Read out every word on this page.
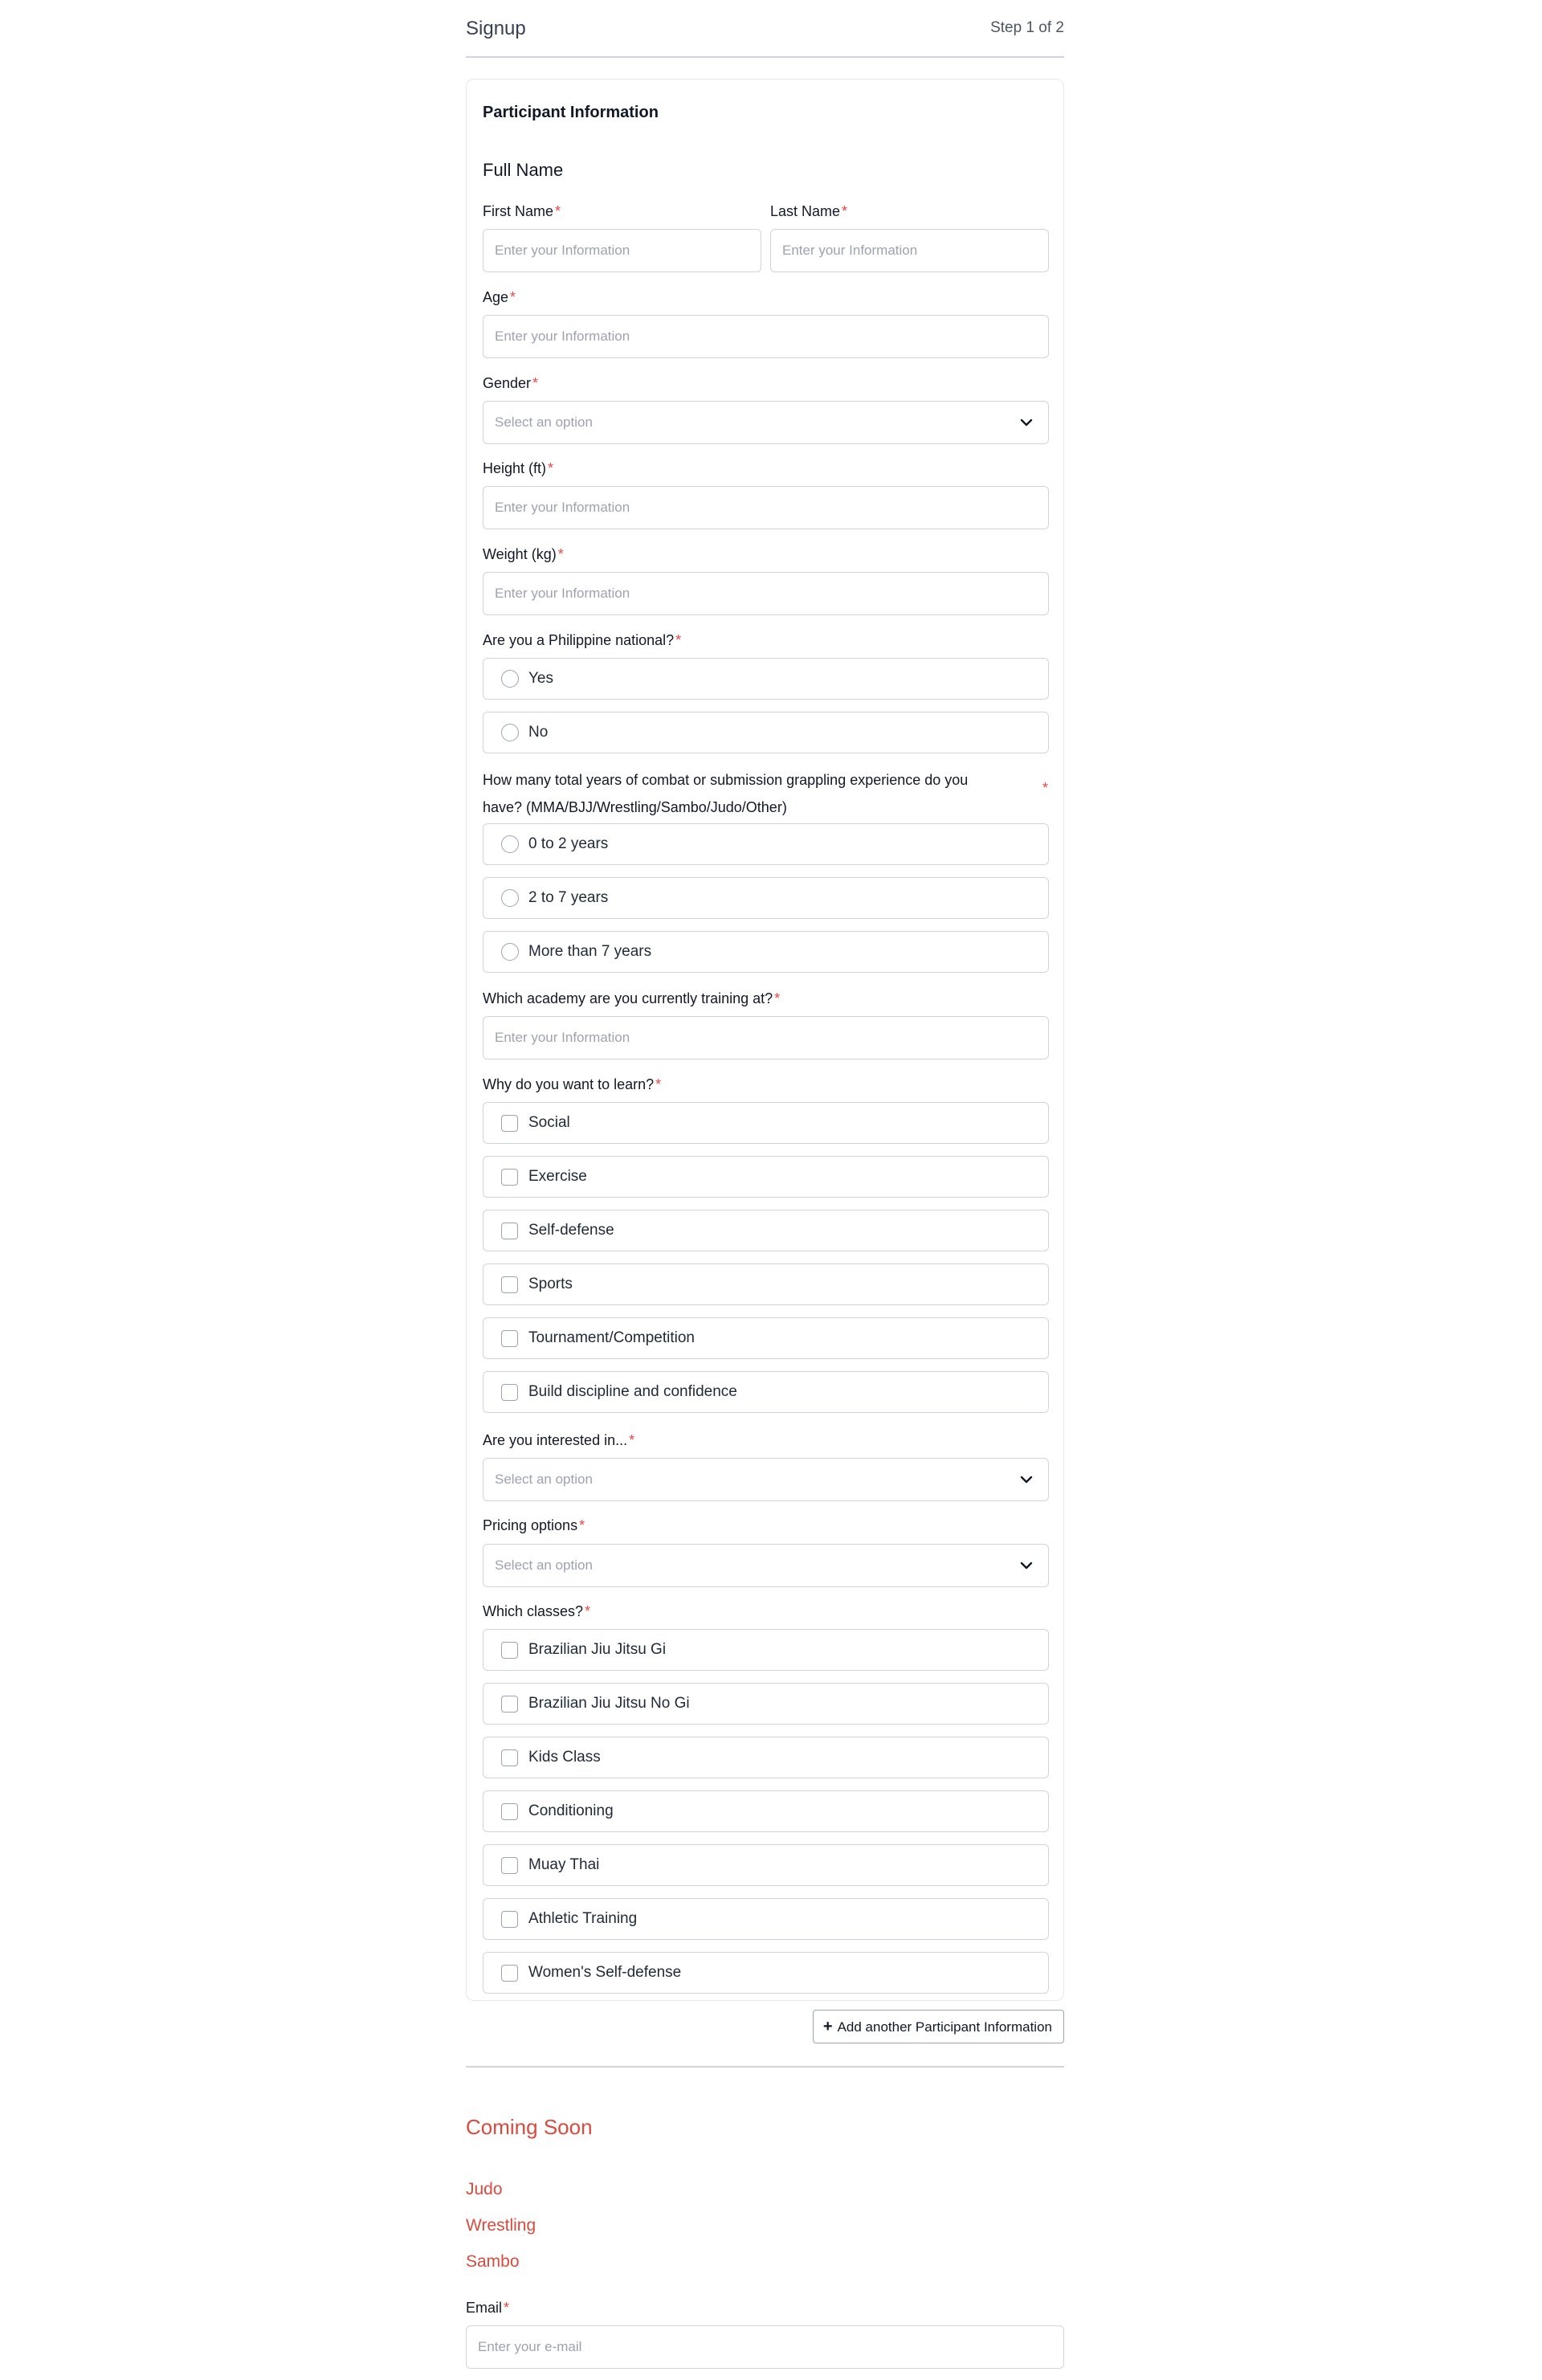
Signup	Step 1 of 2
Participant Information
Full Name
First Name *
Enter your Information
Last Name *
Enter your Information
Age *
Enter your Information
Gender *
Select an option
Height (ft) *
Enter your Information
Weight (kg) *
Enter your Information
Are you a Philippine national? *
Yes
No
How many total years of combat or submission grappling experience do you
have? (MMA/BJJ/Wrestling/Sambo/Judo/Other)
*
0 to 2 years
2 to 7 years
More than 7 years
Which academy are you currently training at? *
Enter your Information
Why do you want to learn? *
Social
Exercise
Self-defense
Sports
Tournament/Competition
Build discipline and confidence
Are you interested in... *
Select an option
Pricing options *
Select an option
Which classes? *
Brazilian Jiu Jitsu Gi
Brazilian Jiu Jitsu No Gi
Kids Class
Conditioning
Muay Thai
Athletic Training
Women's Self-defense
+ Add another Participant Information
Coming Soon
Judo
Wrestling
Sambo
Email *
Enter your e-mail
